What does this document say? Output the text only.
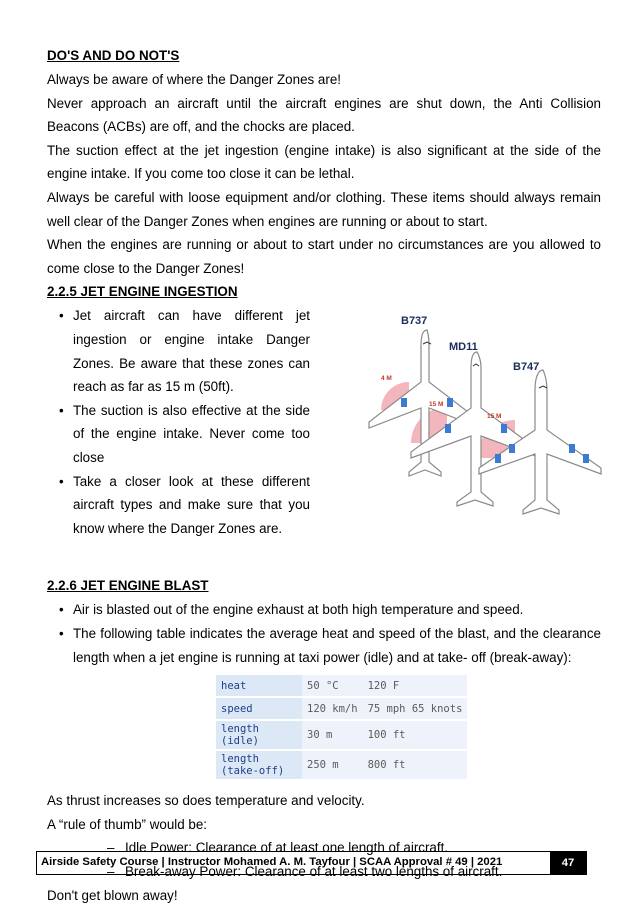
DO'S AND DO NOT'S
Always be aware of where the Danger Zones are!
Never approach an aircraft until the aircraft engines are shut down, the Anti Collision Beacons (ACBs) are off, and the chocks are placed.
The suction effect at the jet ingestion (engine intake) is also significant at the side of the engine intake. If you come too close it can be lethal.
Always be careful with loose equipment and/or clothing. These items should always remain well clear of the Danger Zones when engines are running or about to start.
When the engines are running or about to start under no circumstances are you allowed to come close to the Danger Zones!
2.2.5 JET ENGINE INGESTION
• Jet aircraft can have different jet ingestion or engine intake Danger Zones. Be aware that these zones can reach as far as 15 m (50ft).
• The suction is also effective at the side of the engine intake. Never come too close
• Take a closer look at these different aircraft types and make sure that you know where the Danger Zones are.
B737
MD11
B747
4 M
15 M
15 M
2.2.6 JET ENGINE BLAST
• Air is blasted out of the engine exhaust at both high temperature and speed.
• The following table indicates the average heat and speed of the blast, and the clearance length when a jet engine is running at taxi power (idle) and at take- off (break-away):
heat	50 °C	120 F
speed	120 km/h	75 mph 65 knots
length (idle)	30 m	100 ft
length (take-off)	250 m	800 ft
As thrust increases so does temperature and velocity.
A “rule of thumb” would be:
– Idle Power: Clearance of at least one length of aircraft.
– Break-away Power: Clearance of at least two lengths of aircraft.
Don't get blown away!
Airside Safety Course | Instructor Mohamed A. M. Tayfour | SCAA Approval # 49 | 2021	47
